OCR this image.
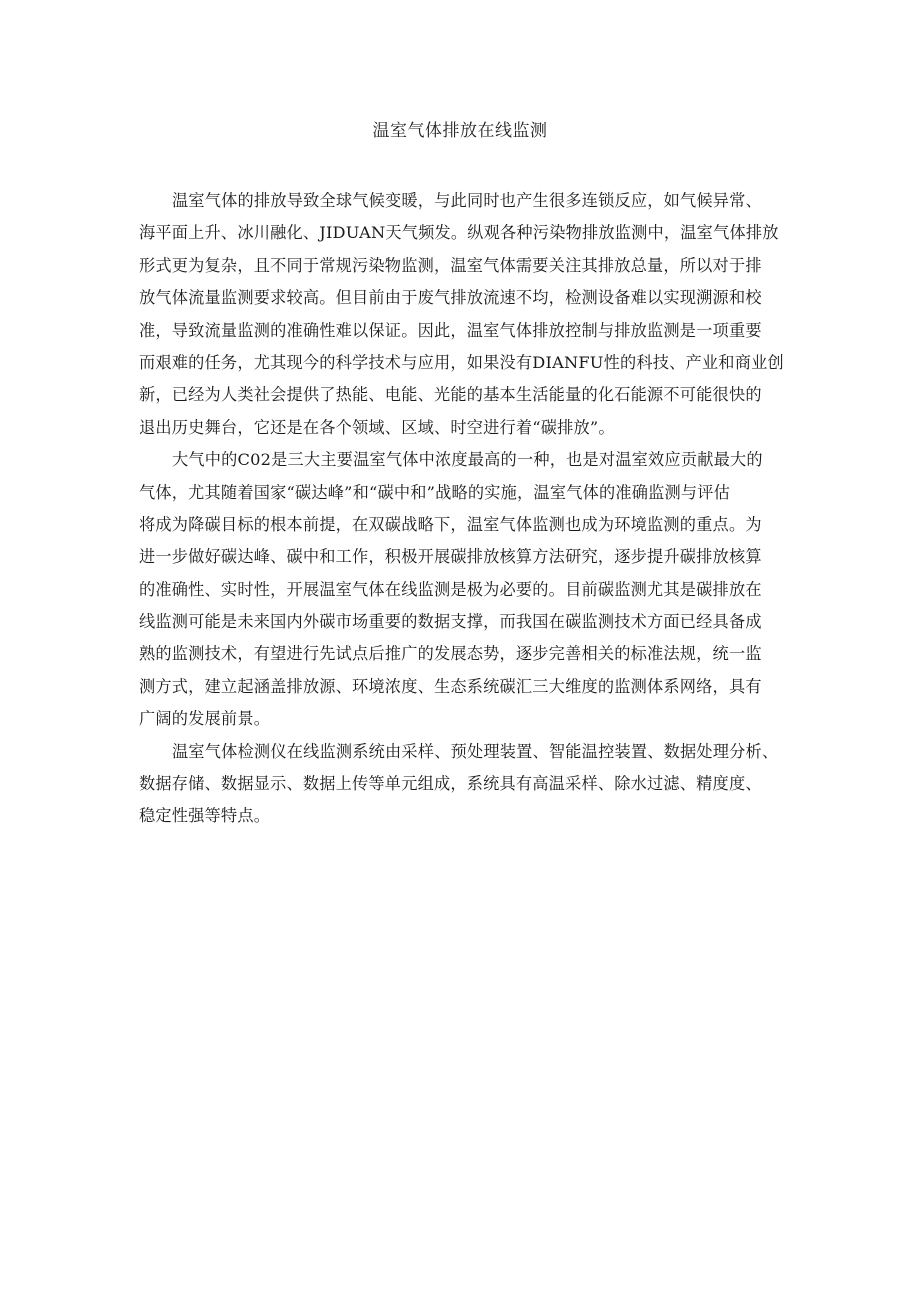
温室气体排放在线监测
温室气体的排放导致全球气候变暖，与此同时也产生很多连锁反应，如气候异常、
海平面上升、冰川融化、JIDUAN天气频发。纵观各种污染物排放监测中，温室气体排放
形式更为复杂，且不同于常规污染物监测，温室气体需要关注其排放总量，所以对于排
放气体流量监测要求较高。但目前由于废气排放流速不均，检测设备难以实现溯源和校
准，导致流量监测的准确性难以保证。因此，温室气体排放控制与排放监测是一项重要
而艰难的任务，尤其现今的科学技术与应用，如果没有DIANFU性的科技、产业和商业创
新，已经为人类社会提供了热能、电能、光能的基本生活能量的化石能源不可能很快的
退出历史舞台，它还是在各个领域、区域、时空进行着“碳排放”。
大气中的C02是三大主要温室气体中浓度最高的一种，也是对温室效应贡献最大的
气体，尤其随着国家“碳达峰”和“碳中和”战略的实施，温室气体的准确监测与评估
将成为降碳目标的根本前提，在双碳战略下，温室气体监测也成为环境监测的重点。为
进一步做好碳达峰、碳中和工作，积极开展碳排放核算方法研究，逐步提升碳排放核算
的准确性、实时性，开展温室气体在线监测是极为必要的。目前碳监测尤其是碳排放在
线监测可能是未来国内外碳市场重要的数据支撑，而我国在碳监测技术方面已经具备成
熟的监测技术，有望进行先试点后推广的发展态势，逐步完善相关的标准法规，统一监
测方式，建立起涵盖排放源、环境浓度、生态系统碳汇三大维度的监测体系网络，具有
广阔的发展前景。
温室气体检测仪在线监测系统由采样、预处理装置、智能温控装置、数据处理分析、
数据存储、数据显示、数据上传等单元组成，系统具有高温采样、除水过滤、精度度、
稳定性强等特点。
